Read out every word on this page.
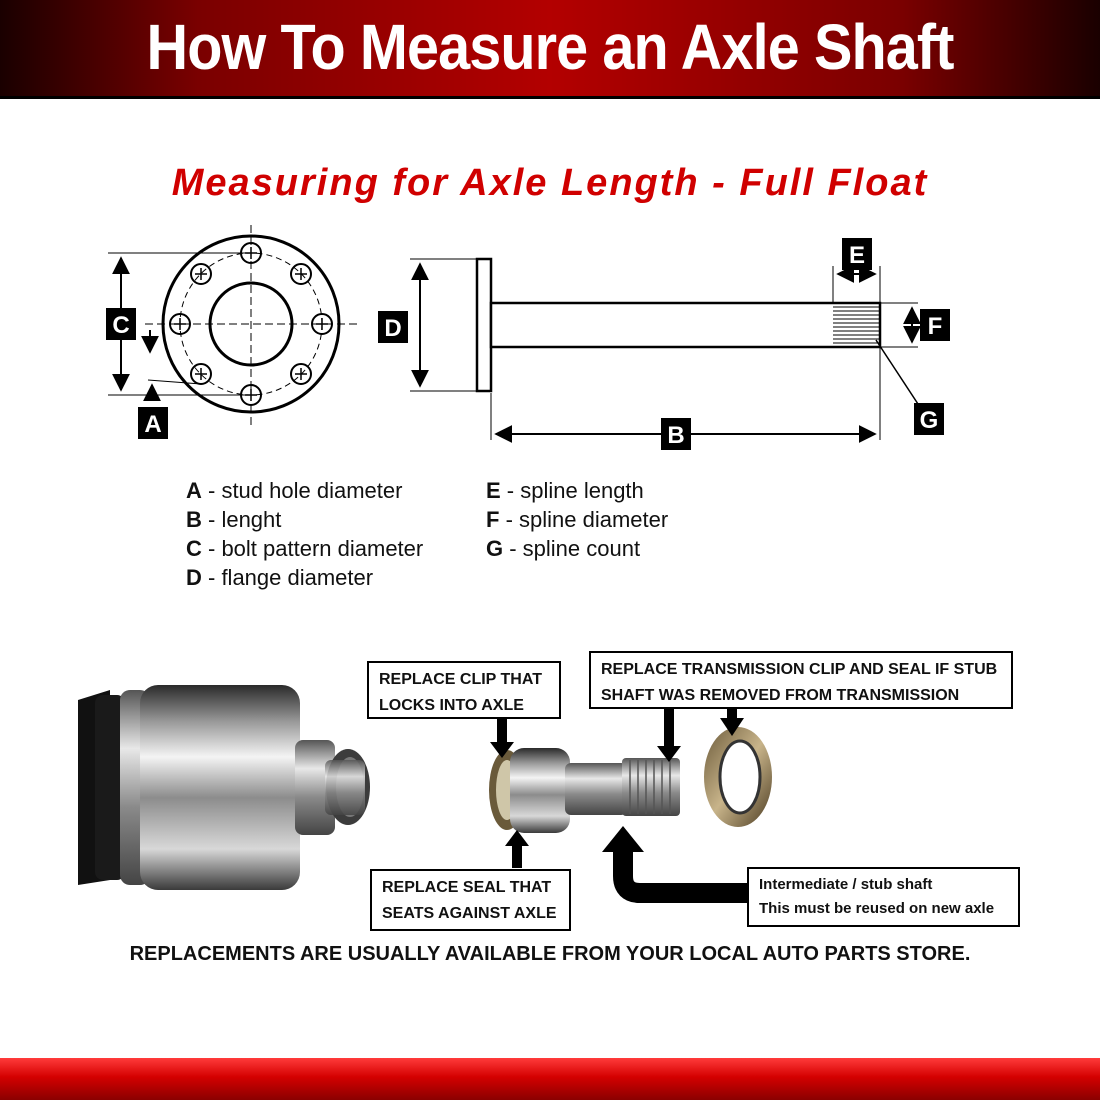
How To Measure an Axle Shaft
Measuring for Axle Length - Full Float
C
A
D
B
E
F
G
A - stud hole diameter
B - lenght
C - bolt pattern diameter
D - flange diameter
E - spline length
F - spline diameter
G - spline count
REPLACE CLIP THAT
LOCKS INTO AXLE
REPLACE TRANSMISSION CLIP AND SEAL IF STUB
SHAFT WAS REMOVED FROM TRANSMISSION
REPLACE SEAL THAT
SEATS AGAINST AXLE
Intermediate / stub shaft
This must be reused on new axle
REPLACEMENTS ARE USUALLY AVAILABLE FROM YOUR LOCAL AUTO PARTS STORE.
